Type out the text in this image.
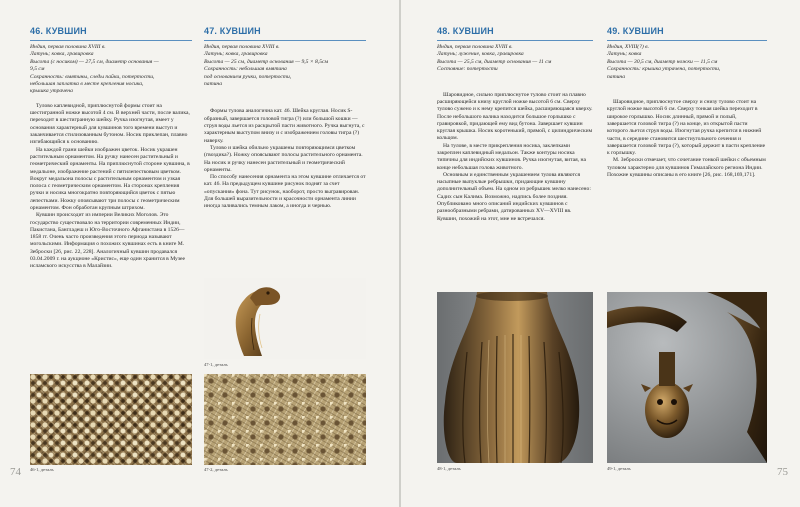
46. КУВШИН

Индия, первая половина XVIII в.

Латунь; ковка, гравировка

Высота (с носиком) — 27,5 см, диаметр основания —

9,5 см

Сохранность: вмятины, следы пайки, потертости,

небольшая заплатка в месте крепления носика,

крышка утрачена

Тулово каплевидной, приплюснутой формы стоит на шестигранной ножке высотой 4 см. В верхней части, после валика, переходит в шестигранную шейку. Ручка изогнутая, имеет у основания характерный для кувшинов того времени выступ и заканчивается стилизованным бутоном. Носик приклепан, плавно изгибающийся к основанию.

На каждой грани шейки изображен цветок. Носик украшен растительным орнаментом. На ручку нанесен растительный и геометрический орнаменты. На приплюснутой стороне кувшина, в медальоне, изображение растений с пятилепестковым цветком. Вокруг медальона полосы с растительным орнаментом и узкая полоса с геометрическим орнаментом. На сторонах крепления ручки и носика многократно повторяющийся цветок с пятью лепестками. Ножку опоясывают три полосы с геометрическим орнаментом. Фон обработан крупным штрихом.

Кувшин происходит из империи Великих Моголов. Это государство существовало на территории современных Индии, Пакистана, Бангладеш и Юго-Восточного Афганистана в 1526—1858 гг. Очень часто произведения этого периода называют могольскими. Информация о похожих кувшинах есть в книге М. Зеброски [26, рис. 22, 228]. Аналогичный кувшин продавался 03.04.2009 г. на аукционе «Кристис», еще один хранится в Музее исламского искусства в Малайзии.

46-1, деталь
47. КУВШИН

Индия, первая половина XVIII в.

Латунь; ковка, гравировка

Высота — 25 см, диаметр основания — 9,5 × 8,5см

Сохранность: небольшая вмятина

под основанием ручки, потертости,

патина

Формы тулова аналогична кат. 46. Шейка круглая. Носик S-образный, завершается головой тигра (?) или большой кошки — струя воды льется из раскрытой пасти животного. Ручка выгнута, с характерным выступом внизу и с изображением головы тигра (?) наверху.

Тулово и шейка обильно украшены повторяющимся цветком (гвоздика?). Ножку опоясывают полосы растительного орнамента. На носик и ручку нанесен растительный и геометрический орнаменты.

По способу нанесения орнамента на этом кувшине отличается от кат. 46. На предыдущем кувшине рисунок поднят за счет «опускания» фона. Тут рисунок, наоборот, просто выгравирован. Для большей выразительности и красочности орнамента линии иногда заливались темным лаком, а иногда и чернью.

47-1, деталь
47-2, деталь
74
48. КУВШИН

Индия, первая половина XVIII в.

Латунь; лужение, ковка, гравировка

Высота — 25,5 см, диаметр основания — 11 см

Состояние: потертости

Шаровидное, сильно приплюснутое тулово стоит на плавно расширяющейся книзу круглой ножке высотой 6 см. Сверху тулово сужено и к нему крепится шейка, расширяющаяся кверху. После небольшого валика находится большое горлышко с гравировкой, придающей ему вид бутона. Завершает кувшин круглая крышка. Носик коротенький, прямой, с цилиндрическим кольцом.

На тулове, в месте прикрепления носика, заклепками закреплен каплевидный медальон. Также контуры носика типичны для индийских кувшинов. Ручка изогнутая, витая, на конце небольшая голова животного.

Основным и единственным украшением тулова являются насыпные выпуклые ребрышки, придающие кувшину дополнительный объем. На одном из ребрышек мелко нанесено: Садих сын Калима. Возможно, надпись более поздняя. Опубликовано много описаний индийских кувшинов с разнообразными ребрами, датированных XV—XVIII вв. Кувшин, похожий на этот, мне не встречался.

48-1, деталь
49. КУВШИН

Индия, XVIII(?) в.

Латунь; ковка

Высота — 30,5 см, диаметр ножки — 11,5 см

Сохранность: крышка утрачена, потертости,

патина

Шаровидное, приплюснутое сверху и снизу тулово стоит на круглой ножке высотой 6 см. Сверху тонкая шейка переходит в широкое горлышко. Носик длинный, прямой и полый, завершается головой тигра (?) на конце, из открытой пасти которого льется струя воды. Изогнутая ручка крепится в нижней части, в середине становится шестиугольного сечения и завершается головой тигра (?), который держит в пасти крепление к горлышку.

М. Зеброски отмечает, что сочетание тонкой шейки с объемным туловом характерно для кувшинов Гималайского региона Индии. Похожие кувшины описаны в его книге [26, рис. 168,169,171].

49-1, деталь	75
